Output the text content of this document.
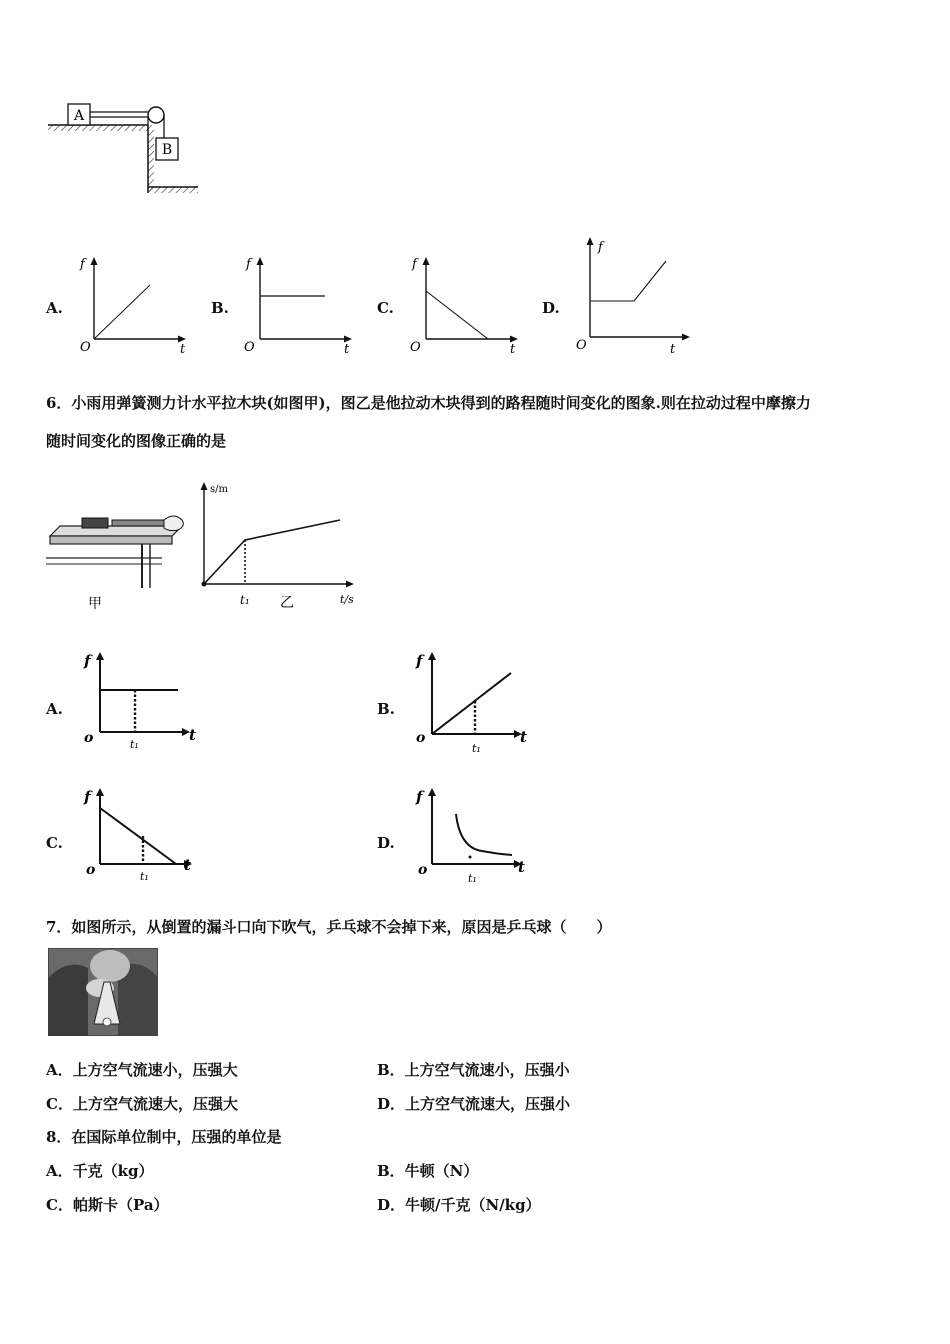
A
B
A.
f
O	t
B.
f
O	t
C.
f
O	t
D.
f
O	t
6．小雨用弹簧测力计水平拉木块(如图甲)，图乙是他拉动木块得到的路程随时间变化的图象.则在拉动过程中摩擦力
随时间变化的图像正确的是
甲
s/m
t₁ 乙	t/s
A.
f
o	t
t₁
B.
f
o	t
t₁
C.
f
o	t
t₁
D.
f
o	t
t₁
7．如图所示，从倒置的漏斗口向下吹气，乒乓球不会掉下来，原因是乒乓球（　　）
A．上方空气流速小，压强大	B．上方空气流速小，压强小
C．上方空气流速大，压强大	D．上方空气流速大，压强小
8．在国际单位制中，压强的单位是
A．千克（kg）	B．牛顿（N）
C．帕斯卡（Pa）	D．牛顿/千克（N/kg）
